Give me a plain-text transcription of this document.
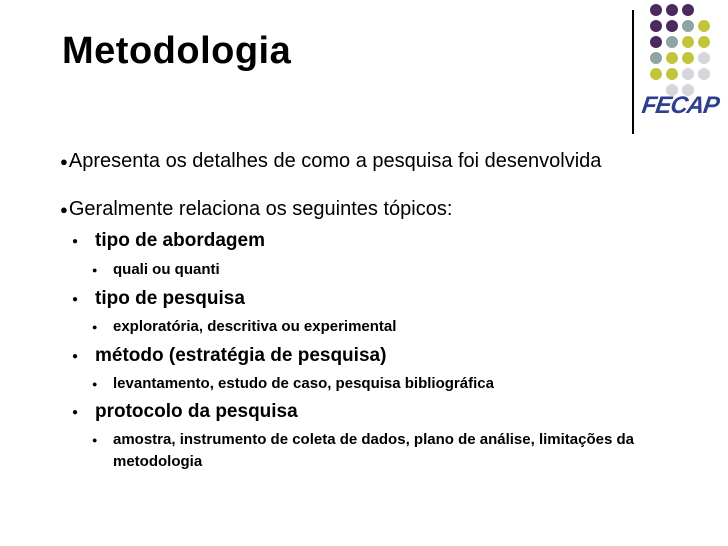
Metodologia
FECAP
●Apresenta os detalhes de como a pesquisa foi desenvolvida
●Geralmente relaciona os seguintes tópicos:
● tipo de abordagem
● quali ou quanti
● tipo de pesquisa
● exploratória, descritiva ou experimental
● método (estratégia de pesquisa)
● levantamento, estudo de caso, pesquisa bibliográfica
● protocolo da pesquisa
● amostra, instrumento de coleta de dados, plano de análise, limitações da metodologia
